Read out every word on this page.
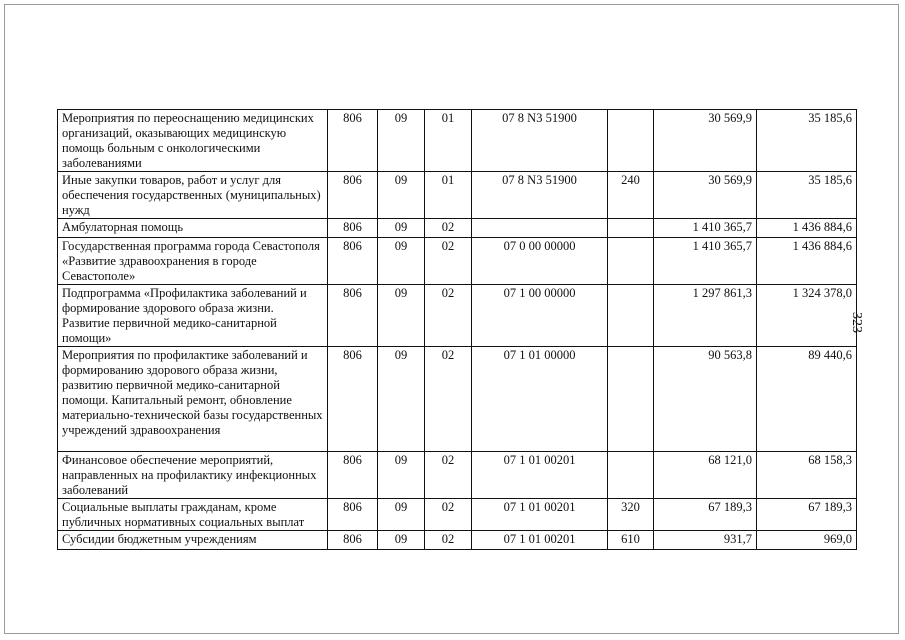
323
Мероприятия по переоснащению медицинских организаций, оказывающих медицинскую помощь больным с онкологическими заболеваниями	806	09	01	07 8 N3 51900		30 569,9	35 185,6
Иные закупки товаров, работ и услуг для обеспечения государственных (муниципальных) нужд	806	09	01	07 8 N3 51900	240	30 569,9	35 185,6
Амбулаторная помощь	806	09	02			1 410 365,7	1 436 884,6
Государственная программа города Севастополя «Развитие здравоохранения в городе Севастополе»	806	09	02	07 0 00 00000		1 410 365,7	1 436 884,6
Подпрограмма «Профилактика заболеваний и формирование здорового образа жизни. Развитие первичной медико-санитарной помощи»	806	09	02	07 1 00 00000		1 297 861,3	1 324 378,0
Мероприятия по профилактике заболеваний и формированию здорового образа жизни, развитию первичной медико-санитарной помощи. Капитальный ремонт, обновление материально-технической базы государственных учреждений здравоохранения	806	09	02	07 1 01 00000		90 563,8	89 440,6
Финансовое обеспечение мероприятий, направленных на профилактику инфекционных заболеваний	806	09	02	07 1 01 00201		68 121,0	68 158,3
Социальные выплаты гражданам, кроме публичных нормативных социальных выплат	806	09	02	07 1 01 00201	320	67 189,3	67 189,3
Субсидии бюджетным учреждениям	806	09	02	07 1 01 00201	610	931,7	969,0
